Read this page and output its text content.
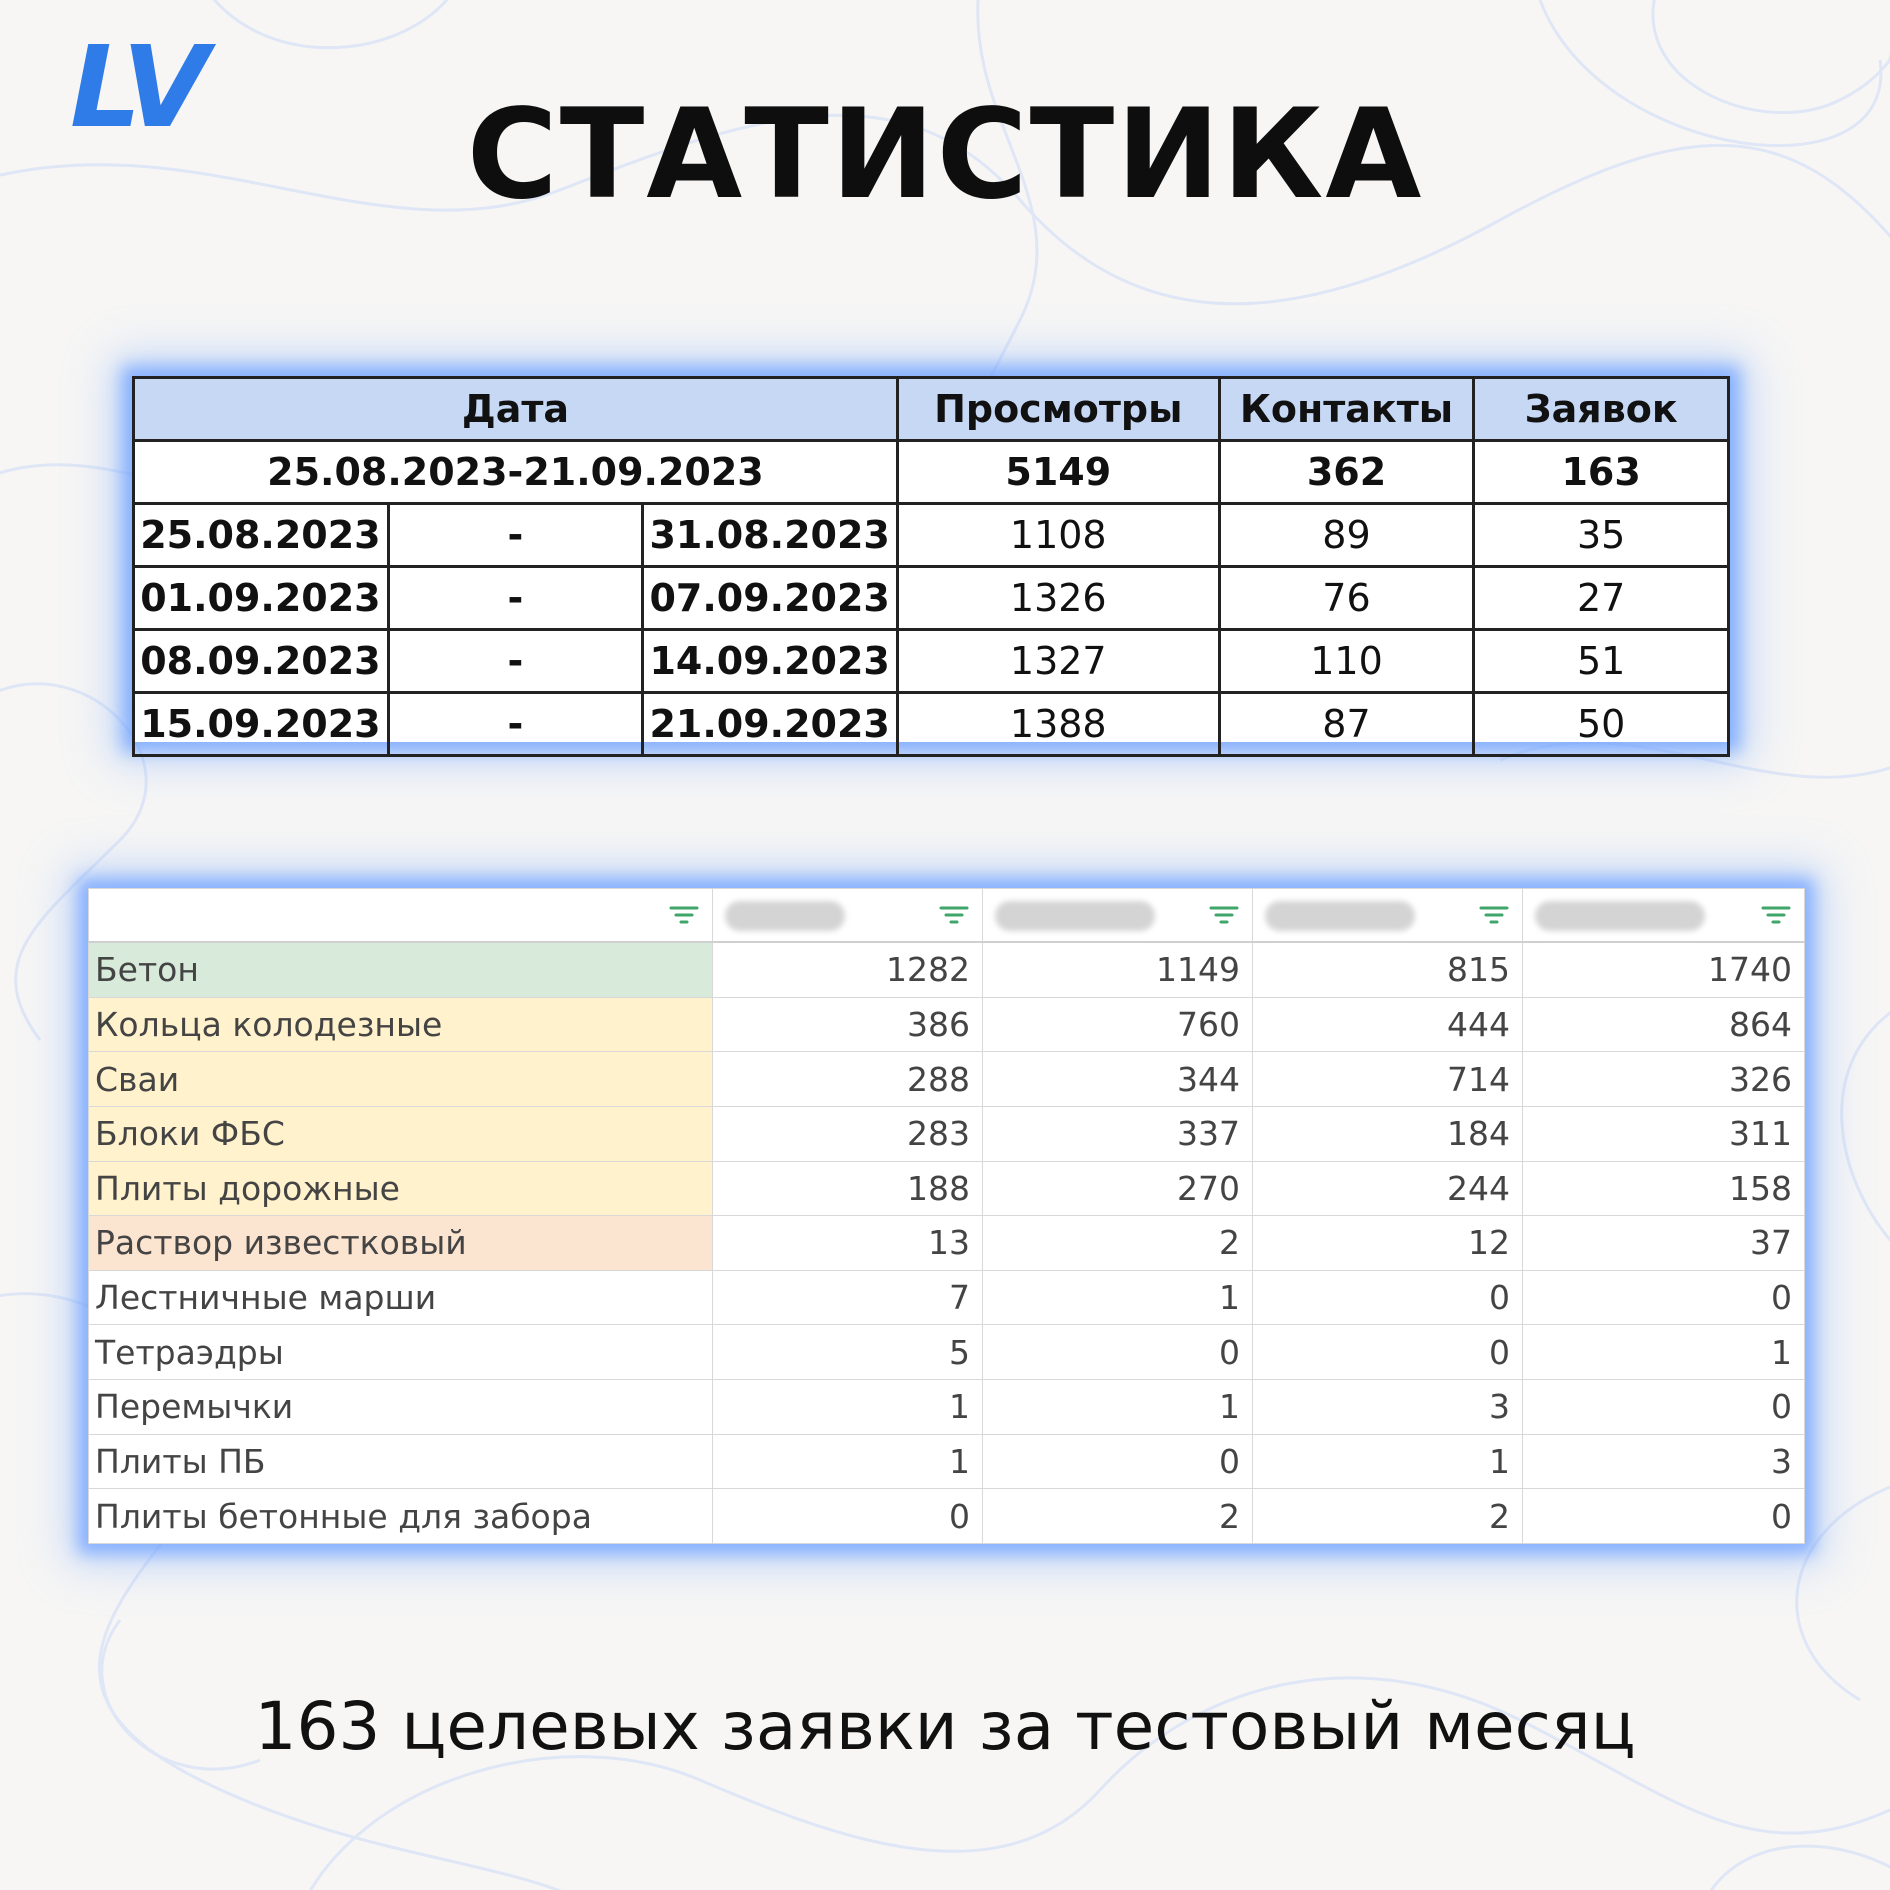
LV	СТАТИСТИКА
Дата			Просмотры	Контакты	Заявок
25.08.2023-21.09.2023			5149	362	163
25.08.2023	-	31.08.2023	1108	89	35
01.09.2023	-	07.09.2023	1326	76	27
08.09.2023	-	14.09.2023	1327	110	51
15.09.2023	-	21.09.2023	1388	87	50

Бетон	1282	1149	815	1740
Кольца колодезные	386	760	444	864
Сваи	288	344	714	326
Блоки ФБС	283	337	184	311
Плиты дорожные	188	270	244	158
Раствор известковый	13	2	12	37
Лестничные марши	7	1	0	0
Тетраэдры	5	0	0	1
Перемычки	1	1	3	0
Плиты ПБ	1	0	1	3
Плиты бетонные для забора	0	2	2	0
163 целевых заявки за тестовый месяц
